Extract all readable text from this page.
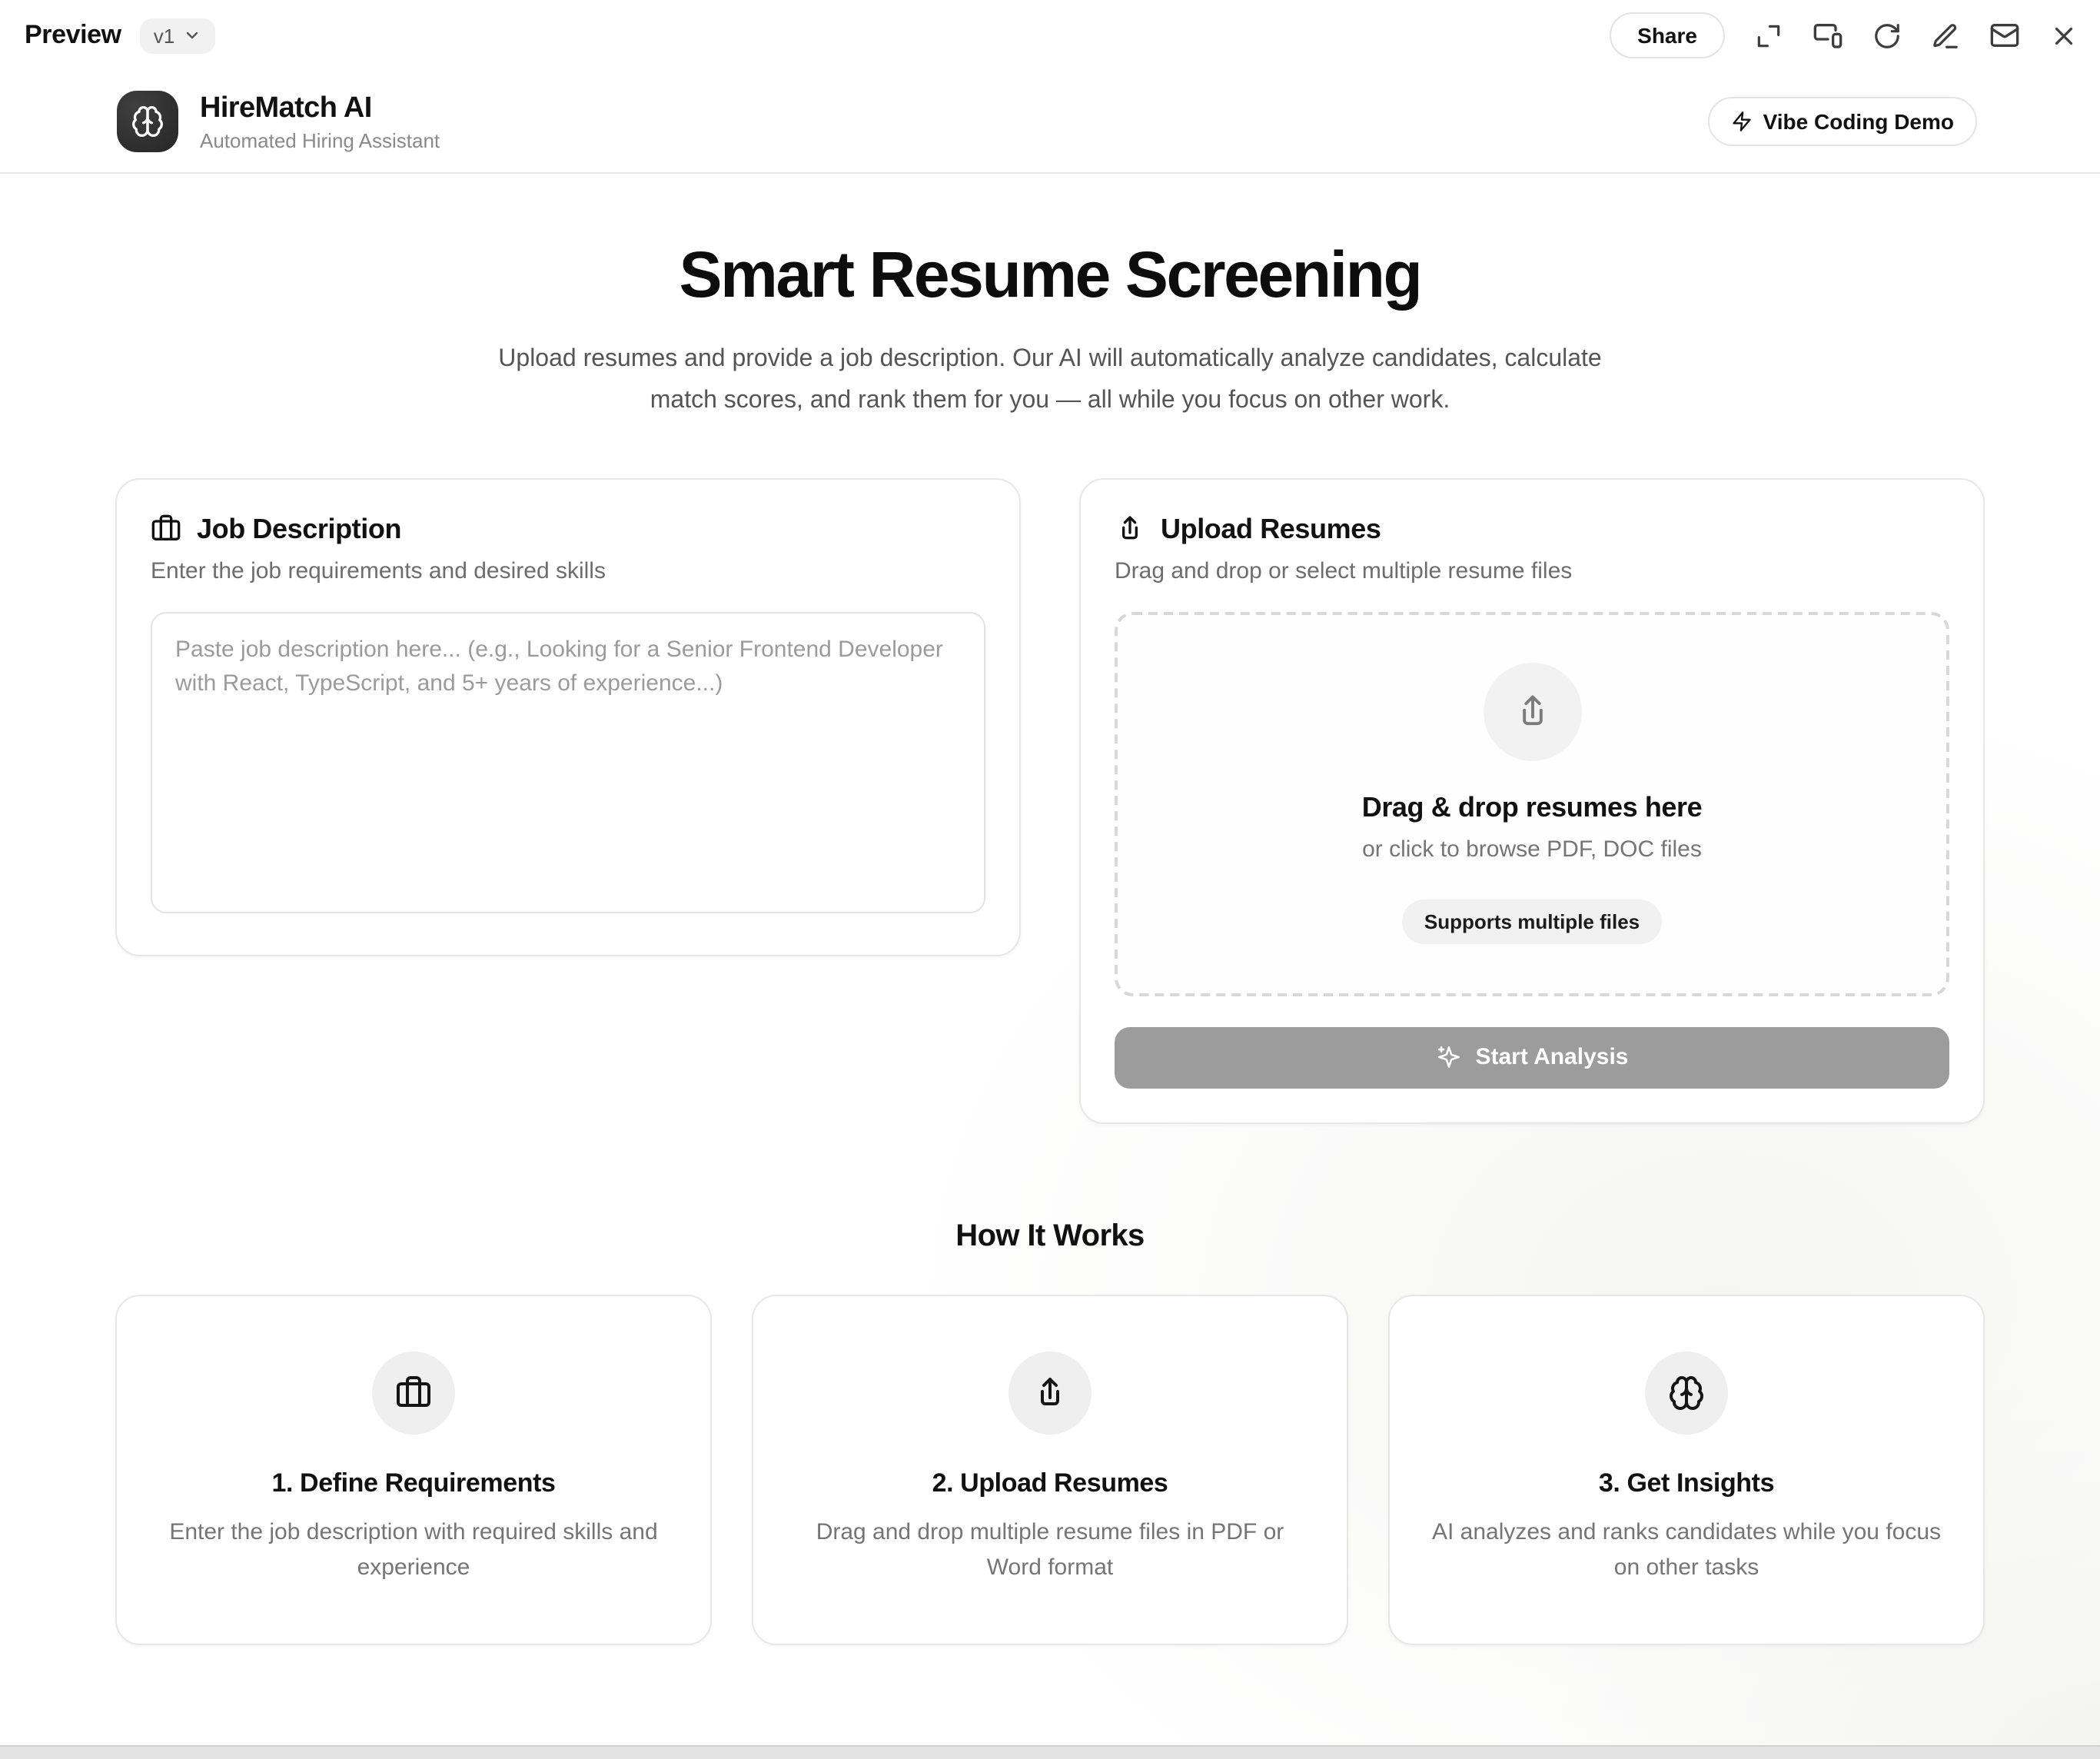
Preview	v1	Share
HireMatch AI
Automated Hiring Assistant
Vibe Coding Demo
Smart Resume Screening

Upload resumes and provide a job description. Our AI will automatically analyze candidates, calculate match scores, and rank them for you — all while you focus on other work.

Job Description
Enter the job requirements and desired skills
Paste job description here... (e.g., Looking for a Senior Frontend Developer with React, TypeScript, and 5+ years of experience...)
Upload Resumes
Drag and drop or select multiple resume files
Drag & drop resumes here
or click to browse PDF, DOC files
Supports multiple files
Start Analysis
How It Works
1. Define Requirements
Enter the job description with required skills and experience
2. Upload Resumes
Drag and drop multiple resume files in PDF or Word format
3. Get Insights
AI analyzes and ranks candidates while you focus on other tasks
